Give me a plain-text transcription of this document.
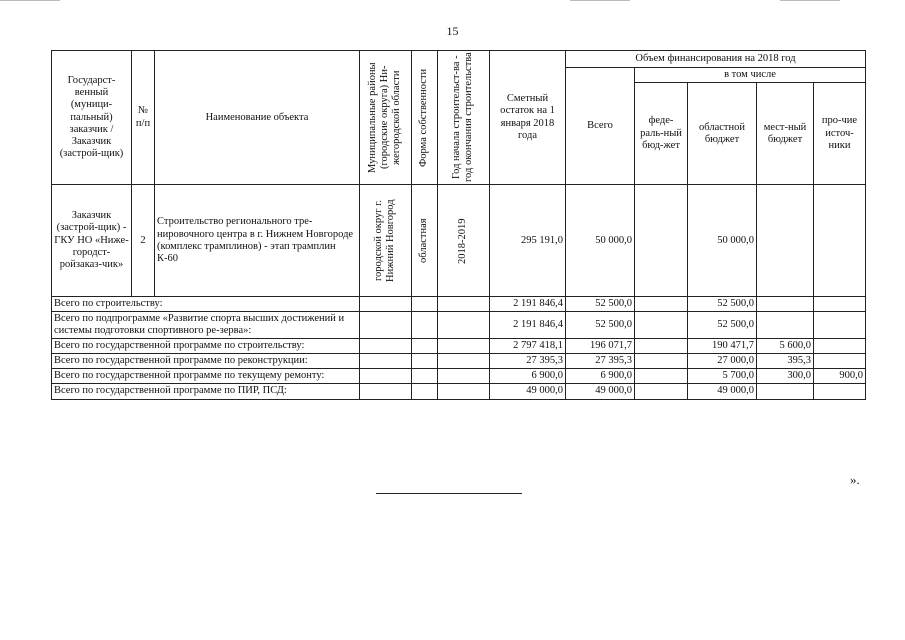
15
Государст-венный (муници-пальный) заказчик / Заказчик (застрой-щик)	№ п/п	Наименование объекта	Муниципальные районы (городские округа) Ни-жегородской области	Форма собственности	Год начала строительст-ва - год окончания строительства	Сметный остаток на 1 января 2018 года	Объем финансирования на 2018 год				
							Всего	в том числе			
								феде-раль-ный бюд-жет	областной бюджет	мест-ный бюджет	про-чие источ-ники
Заказчик (застрой-щик) - ГКУ НО «Ниже-городст-ройзаказ-чик»	2	Строительство регионального тре-нировочного центра в г. Нижнем Новгороде (комплекс трамплинов) - этап трамплин К-60	городской округ г. Нижний Новгород	областная	2018-2019	295 191,0	50 000,0		50 000,0		
Всего по строительству:						2 191 846,4	52 500,0		52 500,0		
Всего по подпрограмме «Развитие спорта высших достижений и системы подготовки спортивного ре-зерва»:						2 191 846,4	52 500,0		52 500,0		
Всего по государственной программе по строительству:						2 797 418,1	196 071,7		190 471,7	5 600,0	
Всего по государственной программе по реконструкции:						27 395,3	27 395,3		27 000,0	395,3	
Всего по государственной программе по текущему ремонту:						6 900,0	6 900,0		5 700,0	300,0	900,0
Всего по государственной программе по ПИР, ПСД:						49 000,0	49 000,0		49 000,0		
».
